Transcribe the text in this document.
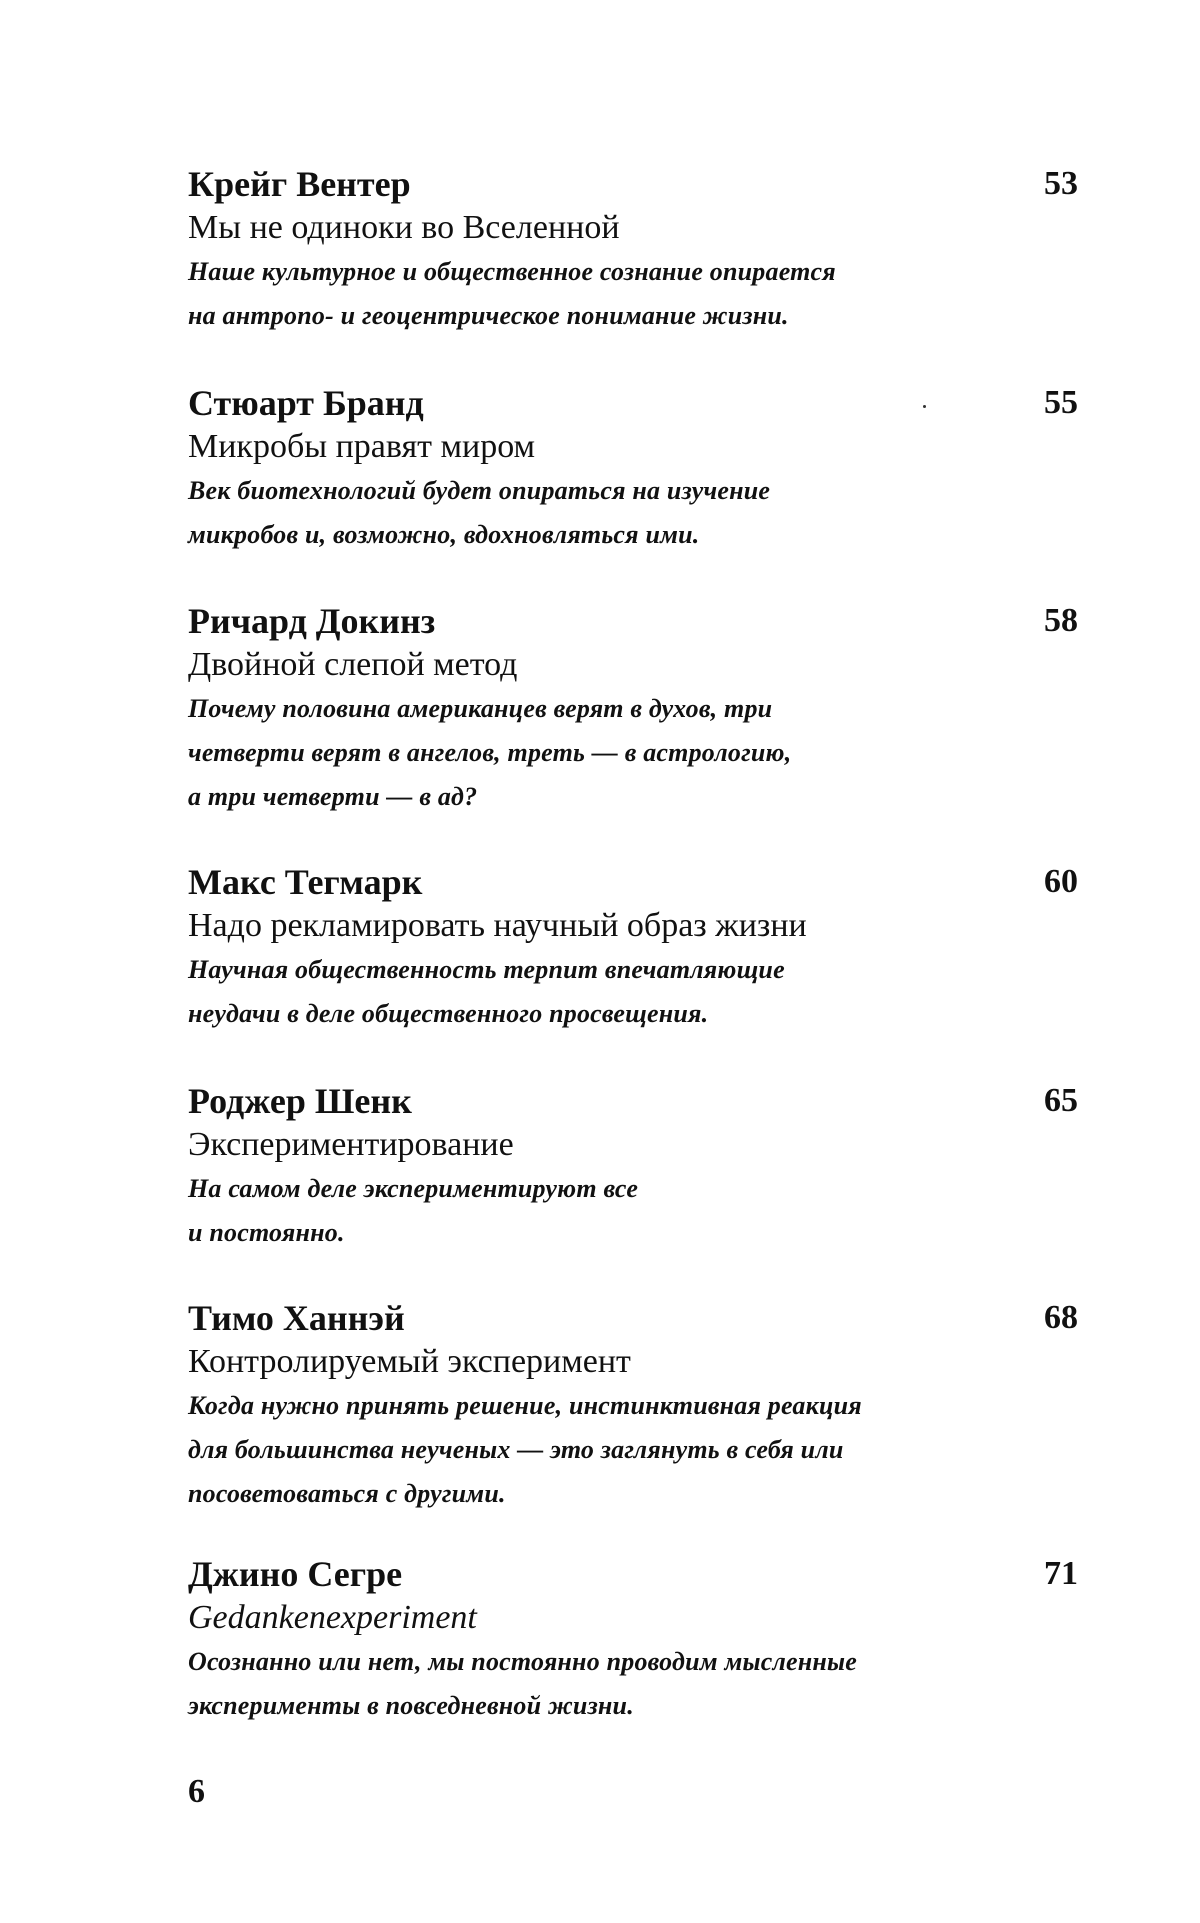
Крейг Вентер	53
Мы не одиноки во Вселенной
Наше культурное и общественное сознание опирается
на антропо- и геоцентрическое понимание жизни.
Стюарт Бранд	55
Микробы правят миром
Век биотехнологий будет опираться на изучение
микробов и, возможно, вдохновляться ими.
Ричард Докинз	58
Двойной слепой метод
Почему половина американцев верят в духов, три
четверти верят в ангелов, треть — в астрологию,
а три четверти — в ад?
Макс Тегмарк	60
Надо рекламировать научный образ жизни
Научная общественность терпит впечатляющие
неудачи в деле общественного просвещения.
Роджер Шенк	65
Экспериментирование
На самом деле экспериментируют все
и постоянно.
Тимо Ханнэй	68
Контролируемый эксперимент
Когда нужно принять решение, инстинктивная реакция
для большинства неученых — это заглянуть в себя или
посоветоваться с другими.
Джино Сегре	71
Gedankenexperiment
Осознанно или нет, мы постоянно проводим мысленные
эксперименты в повседневной жизни.
6
